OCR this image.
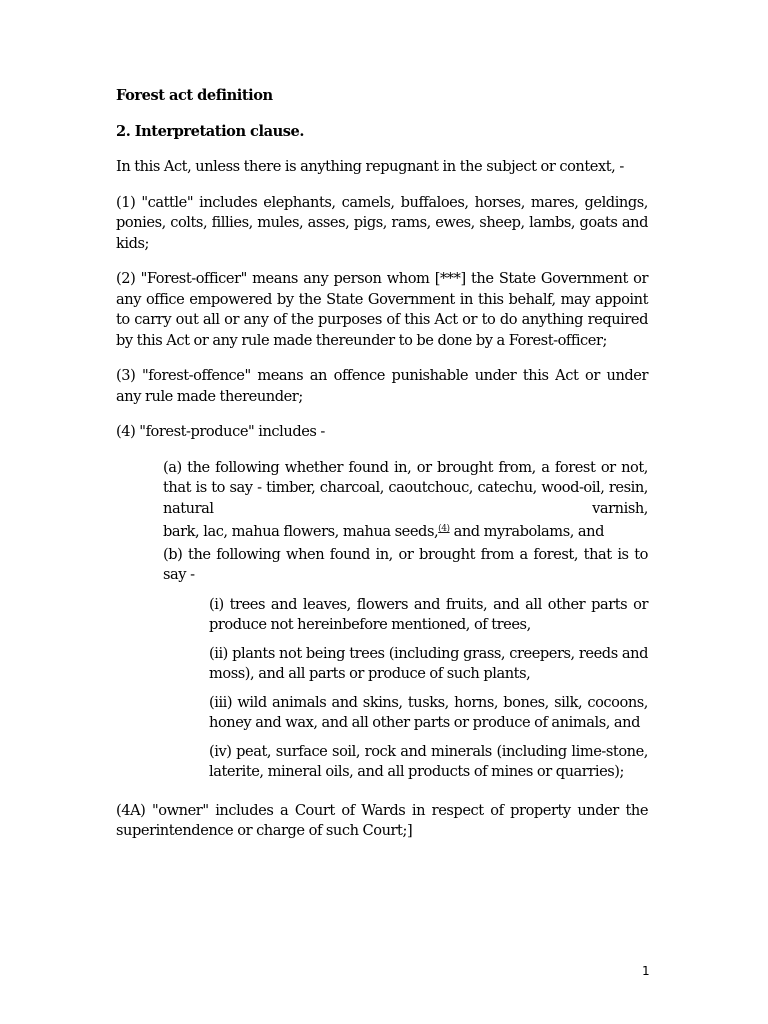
Forest act definition

2. Interpretation clause.

In this Act, unless there is anything repugnant in the subject or context, -

(1) "cattle" includes elephants, camels, buffaloes, horses, mares, geldings, ponies, colts, fillies, mules, asses, pigs, rams, ewes, sheep, lambs, goats and kids;

(2) "Forest-officer" means any person whom [***] the State Government or any office empowered by the State Government in this behalf, may appoint to carry out all or any of the purposes of this Act or to do anything required by this Act or any rule made thereunder to be done by a Forest-officer;

(3) "forest-offence" means an offence punishable under this Act or under any rule made thereunder;

(4) "forest-produce" includes -

(a) the following whether found in, or brought from, a forest or not, that is to say - timber, charcoal, caoutchouc, catechu, wood-oil, resin, natural varnish,
bark, lac, mahua flowers, mahua seeds,$^{(4)}$ and myrabolams, and
(b) the following when found in, or brought from a forest, that is to say -
(i) trees and leaves, flowers and fruits, and all other parts or produce not hereinbefore mentioned, of trees,
(ii) plants not being trees (including grass, creepers, reeds and moss), and all parts or produce of such plants,
(iii) wild animals and skins, tusks, horns, bones, silk, cocoons, honey and wax, and all other parts or produce of animals, and
(iv) peat, surface soil, rock and minerals (including lime-stone, laterite, mineral oils, and all products of mines or quarries);

(4A) "owner" includes a Court of Wards in respect of property under the superintendence or charge of such Court;]

1
